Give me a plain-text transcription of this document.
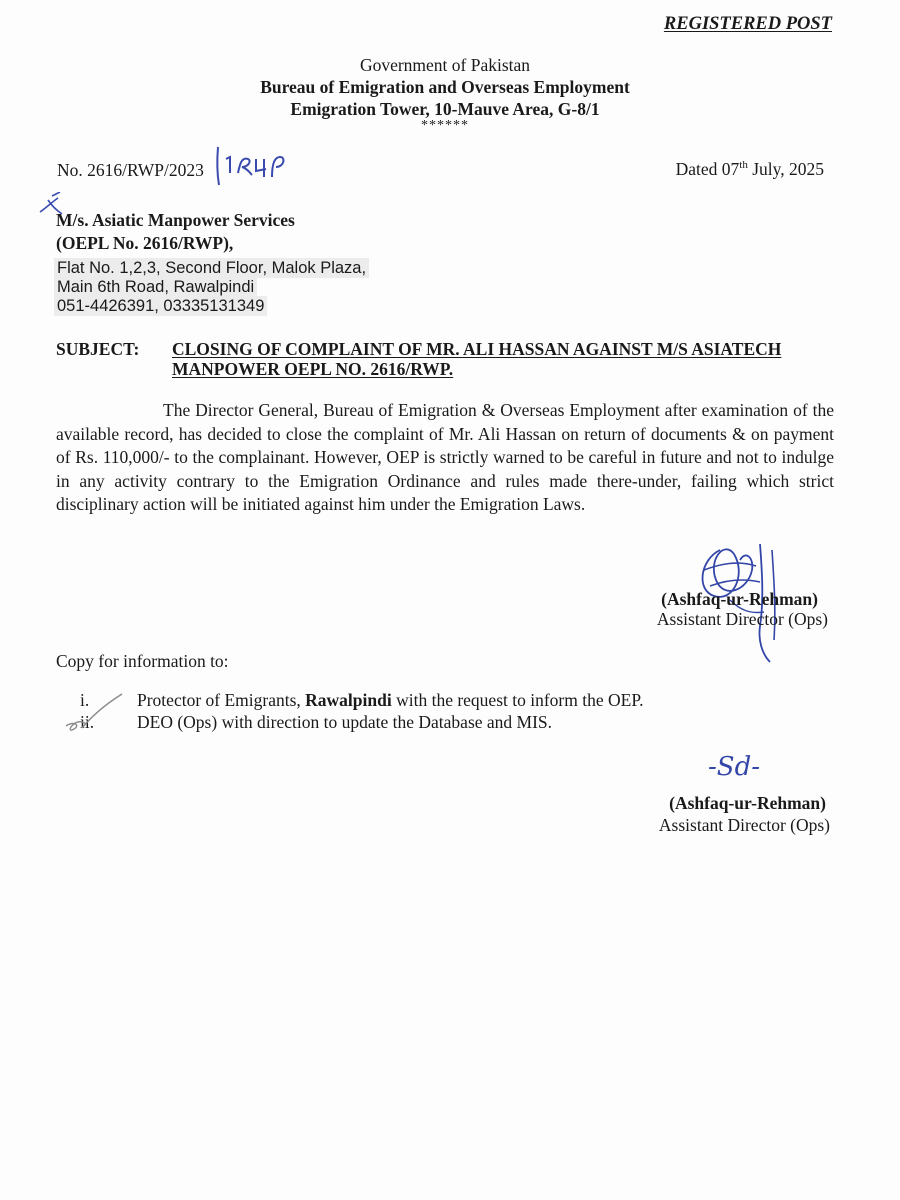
REGISTERED POST
Government of Pakistan
Bureau of Emigration and Overseas Employment
Emigration Tower, 10-Mauve Area, G-8/1
******
No. 2616/RWP/2023	Dated 07th July, 2025
M/s. Asiatic Manpower Services
(OEPL No. 2616/RWP),
Flat No. 1,2,3, Second Floor, Malok Plaza,
Main 6th Road, Rawalpindi
051-4426391, 03335131349
SUBJECT: CLOSING OF COMPLAINT OF MR. ALI HASSAN AGAINST M/S ASIATECH MANPOWER OEPL NO. 2616/RWP.
The Director General, Bureau of Emigration & Overseas Employment after examination of the available record, has decided to close the complaint of Mr. Ali Hassan on return of documents & on payment of Rs. 110,000/- to the complainant. However, OEP is strictly warned to be careful in future and not to indulge in any activity contrary to the Emigration Ordinance and rules made there-under, failing which strict disciplinary action will be initiated against him under the Emigration Laws.
(Ashfaq-ur-Rehman)
Assistant Director (Ops)
Copy for information to:
i.	Protector of Emigrants, Rawalpindi with the request to inform the OEP.
ii.	DEO (Ops) with direction to update the Database and MIS.
-Sd-
(Ashfaq-ur-Rehman)
Assistant Director (Ops)
